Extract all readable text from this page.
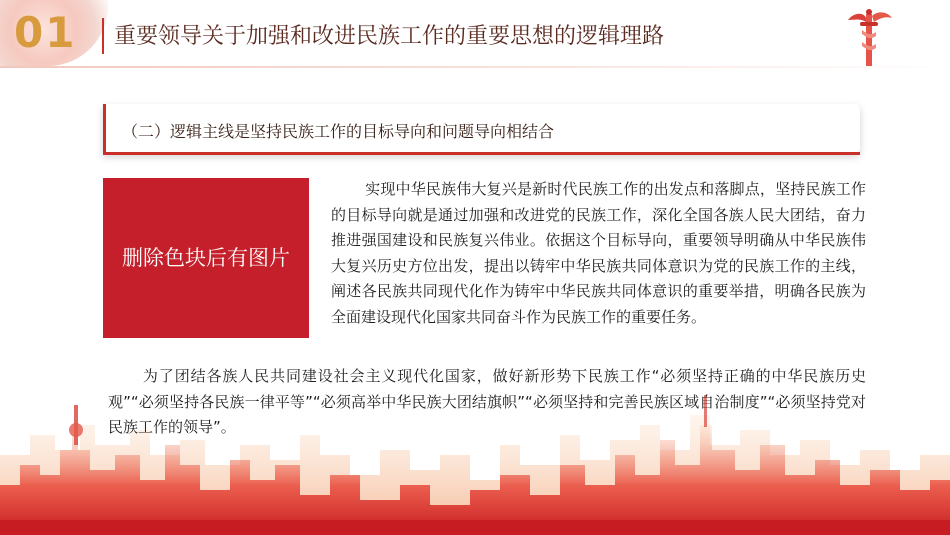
01 重要领导关于加强和改进民族工作的重要思想的逻辑理路
（二）逻辑主线是坚持民族工作的目标导向和问题导向相结合
删除色块后有图片
实现中华民族伟大复兴是新时代民族工作的出发点和落脚点，坚持民族工作的目标导向就是通过加强和改进党的民族工作，深化全国各族人民大团结，奋力推进强国建设和民族复兴伟业。依据这个目标导向，重要领导明确从中华民族伟大复兴历史方位出发，提出以铸牢中华民族共同体意识为党的民族工作的主线，阐述各民族共同现代化作为铸牢中华民族共同体意识的重要举措，明确各民族为全面建设现代化国家共同奋斗作为民族工作的重要任务。
为了团结各族人民共同建设社会主义现代化国家，做好新形势下民族工作“必须坚持正确的中华民族历史观”“必须坚持各民族一律平等”“必须高举中华民族大团结旗帜”“必须坚持和完善民族区域自治制度”“必须坚持党对民族工作的领导”。
